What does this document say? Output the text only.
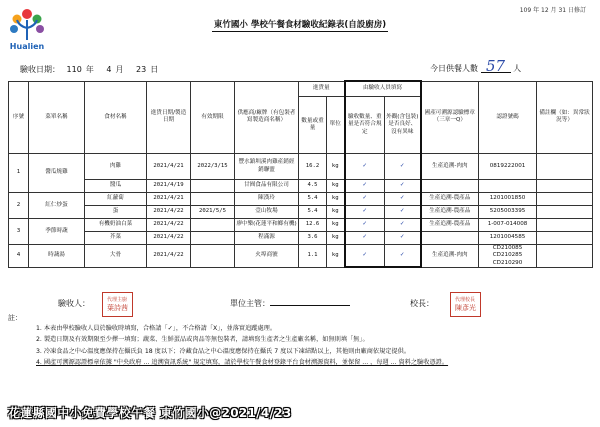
Hualien
109 年 12 月 31 日修訂
東竹國小 學校午餐食材驗收紀錄表(自設廚房)
驗收日期： 110 年 4 月 23 日	今日供餐人數 57 人
序號	菜單名稱	食材名稱	進貨日期/製造日期	有效期限	供應商/廠牌（有包裝者寫製造商名稱）	進貨量		由驗收人員填寫		國產可溯源認驗標章（三章一Q）	認證號碼	備註欄（如：異常狀況等）
						數量或重量	單位	驗收數量、重量是否符合規定	外觀(含包裝)是否良好、沒有異味			
1	醬瓜燒雞	肉雞	2021/4/21	2022/3/15	豐水鎮圳溪肉雞產銷經銷聯盟	16.2	kg	✓	✓	生產追溯-肉肉	0819222001	
		醬瓜	2021/4/19		甘囿食品有限公司	4.5	kg	✓	✓			
2	紅仁炒蛋	紅蘿蔔	2021/4/21		陳漢玲	5.4	kg	✓	✓	生產追溯-農產品	1201001850	
		蛋	2021/4/22	2021/5/5	壹山牧場	5.4	kg	✓	✓	生產追溯-農產品	5205003395	
3	季節時蔬	有機奶油白菜	2021/4/22		廖中樂(花蓮平和鄉有機)	12.6	kg	✓	✓	生產追溯-農產品	1-007-014008	
		芥菜	2021/4/22		程滿源	3.6	kg	✓	✓		1201004585	
4	時蔬湯	大骨	2021/4/22		火埠商號	1.1	kg	✓	✓	生產追溯-肉肉	CD210085 CD210285 CD210290	
驗收人：	代理主廚
葉詩茜	單位主管：	校長：	代理校長
陳彥光
註：
1. 本表由學校驗收人員於驗收時填寫，合格請「✓」，不合格請「X」，並落實追蹤處理。
2. 製造日期及有效期限至少擇一填寫；蔬菜、生鮮蛋品或肉品等無包裝者，請填寫生產者之生產廠名稱，如無則填「無」。
3. 冷凍食品之中心溫度應保持在攝氏負 18 度以下；冷藏食品之中心溫度應保持在攝氏 7 度以下凍結點以上，其他則由廠商依規定提供。
4. 國產可溯源認證標章依據 "中央政府 ... 追溯資訊系統" 規定填寫，請於學校午餐食材登錄平台食材溯源資料，並保留 ... ，每週 ... 資料之驗收憑證。
花蓮縣國中小免費學校午餐 東竹國小@2021/4/23
